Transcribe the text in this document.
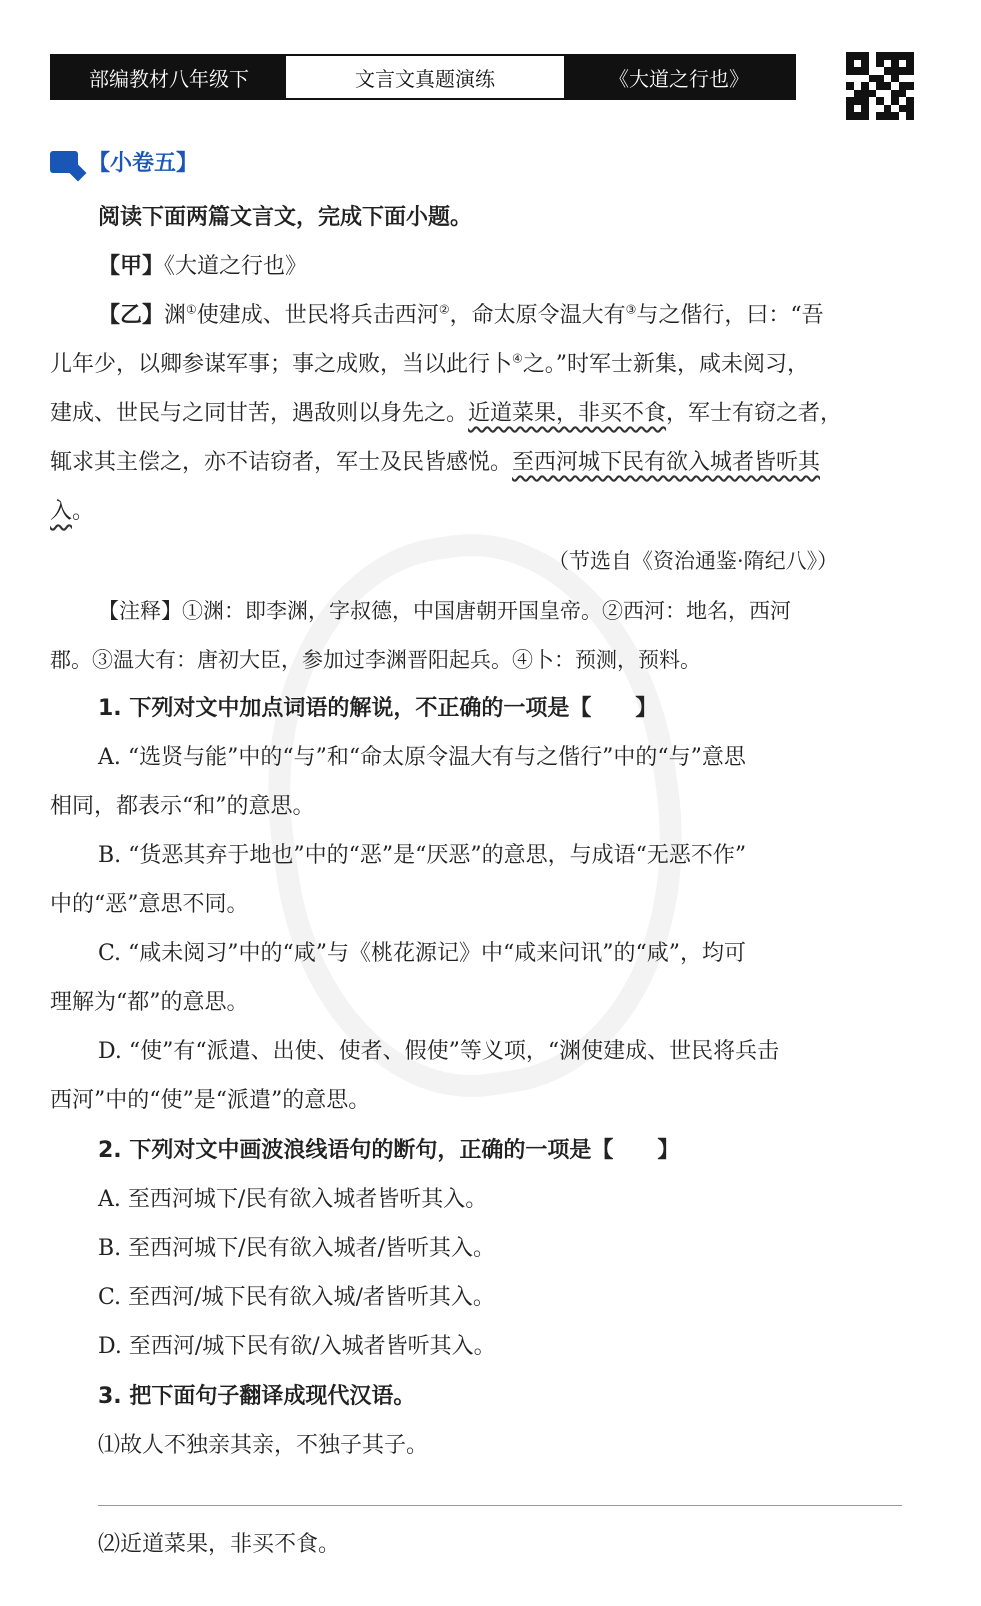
部编教材八年级下	文言文真题演练	《大道之行也》
【小卷五】
阅读下面两篇文言文，完成下面小题。
【甲】《大道之行也》
【乙】渊①使建成、世民将兵击西河②，命太原令温大有③与之偕行，曰：“吾
儿年少，以卿参谋军事；事之成败，当以此行卜④之。”时军士新集，咸未阅习，
建成、世民与之同甘苦，遇敌则以身先之。近道菜果，非买不食，军士有窃之者，
辄求其主偿之，亦不诘窃者，军士及民皆感悦。至西河城下民有欲入城者皆听其
入。
（节选自《资治通鉴·隋纪八》）
【注释】①渊：即李渊，字叔德，中国唐朝开国皇帝。②西河：地名，西河
郡。③温大有：唐初大臣，参加过李渊晋阳起兵。④卜：预测，预料。
1. 下列对文中加点词语的解说，不正确的一项是【　　】
A. “选贤与能”中的“与”和“命太原令温大有与之偕行”中的“与”意思
相同，都表示“和”的意思。
B. “货恶其弃于地也”中的“恶”是“厌恶”的意思，与成语“无恶不作”
中的“恶”意思不同。
C. “咸未阅习”中的“咸”与《桃花源记》中“咸来问讯”的“咸”，均可
理解为“都”的意思。
D. “使”有“派遣、出使、使者、假使”等义项，“渊使建成、世民将兵击
西河”中的“使”是“派遣”的意思。
2. 下列对文中画波浪线语句的断句，正确的一项是【　　】
A. 至西河城下/民有欲入城者皆听其入。
B. 至西河城下/民有欲入城者/皆听其入。
C. 至西河/城下民有欲入城/者皆听其入。
D. 至西河/城下民有欲/入城者皆听其入。
3. 把下面句子翻译成现代汉语。
⑴故人不独亲其亲，不独子其子。
⑵近道菜果，非买不食。
